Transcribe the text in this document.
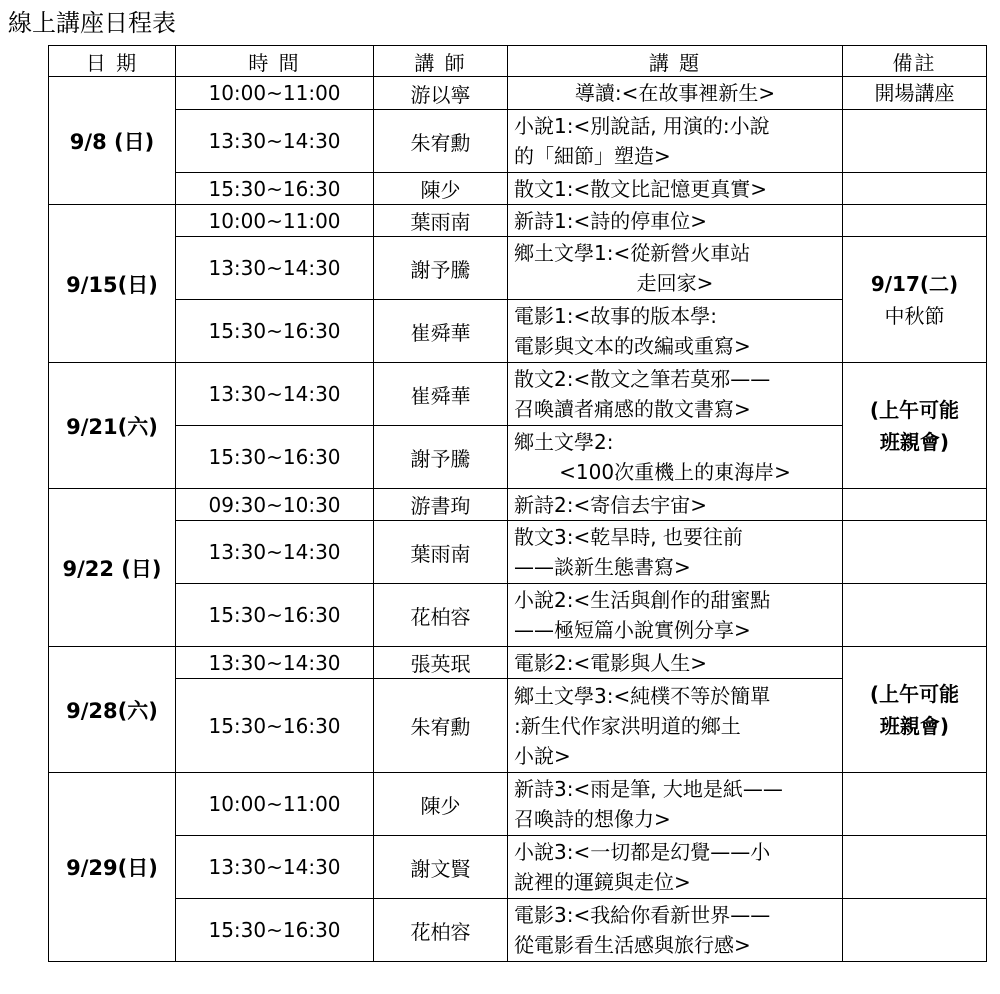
線上講座日程表
日 期	時 間	講 師	講 題	備註
9/8 (日)	10:00~11:00	游以寧	導讀:<在故事裡新生>	開場講座

	13:30~14:30	朱宥勳	小說1:<別說話, 用演的:小說
的「細節」塑造>	

	15:30~16:30	陳少	散文1:<散文比記憶更真實>	

9/15(日)	10:00~11:00	葉雨南	新詩1:<詩的停車位>	

	13:30~14:30	謝予騰	鄉土文學1:<從新營火車站
走回家>	9/17(二)
中秋節

	15:30~16:30	崔舜華	電影1:<故事的版本學:
電影與文本的改編或重寫>	

9/21(六)	13:30~14:30	崔舜華	散文2:<散文之筆若莫邪——
召喚讀者痛感的散文書寫>	(上午可能
班親會)

	15:30~16:30	謝予騰	鄉土文學2:
<100次重機上的東海岸>	

9/22 (日)	09:30~10:30	游書珣	新詩2:<寄信去宇宙>	

	13:30~14:30	葉雨南	散文3:<乾旱時, 也要往前
——談新生態書寫>	

	15:30~16:30	花柏容	小說2:<生活與創作的甜蜜點
——極短篇小說實例分享>	

9/28(六)	13:30~14:30	張英珉	電影2:<電影與人生>	(上午可能
班親會)

	15:30~16:30	朱宥勳	鄉土文學3:<純樸不等於簡單
:新生代作家洪明道的鄉土
小說>	

9/29(日)	10:00~11:00	陳少	新詩3:<雨是筆, 大地是紙——
召喚詩的想像力>	

	13:30~14:30	謝文賢	小說3:<一切都是幻覺——小
說裡的運鏡與走位>	

	15:30~16:30	花柏容	電影3:<我給你看新世界——
從電影看生活感與旅行感>	
